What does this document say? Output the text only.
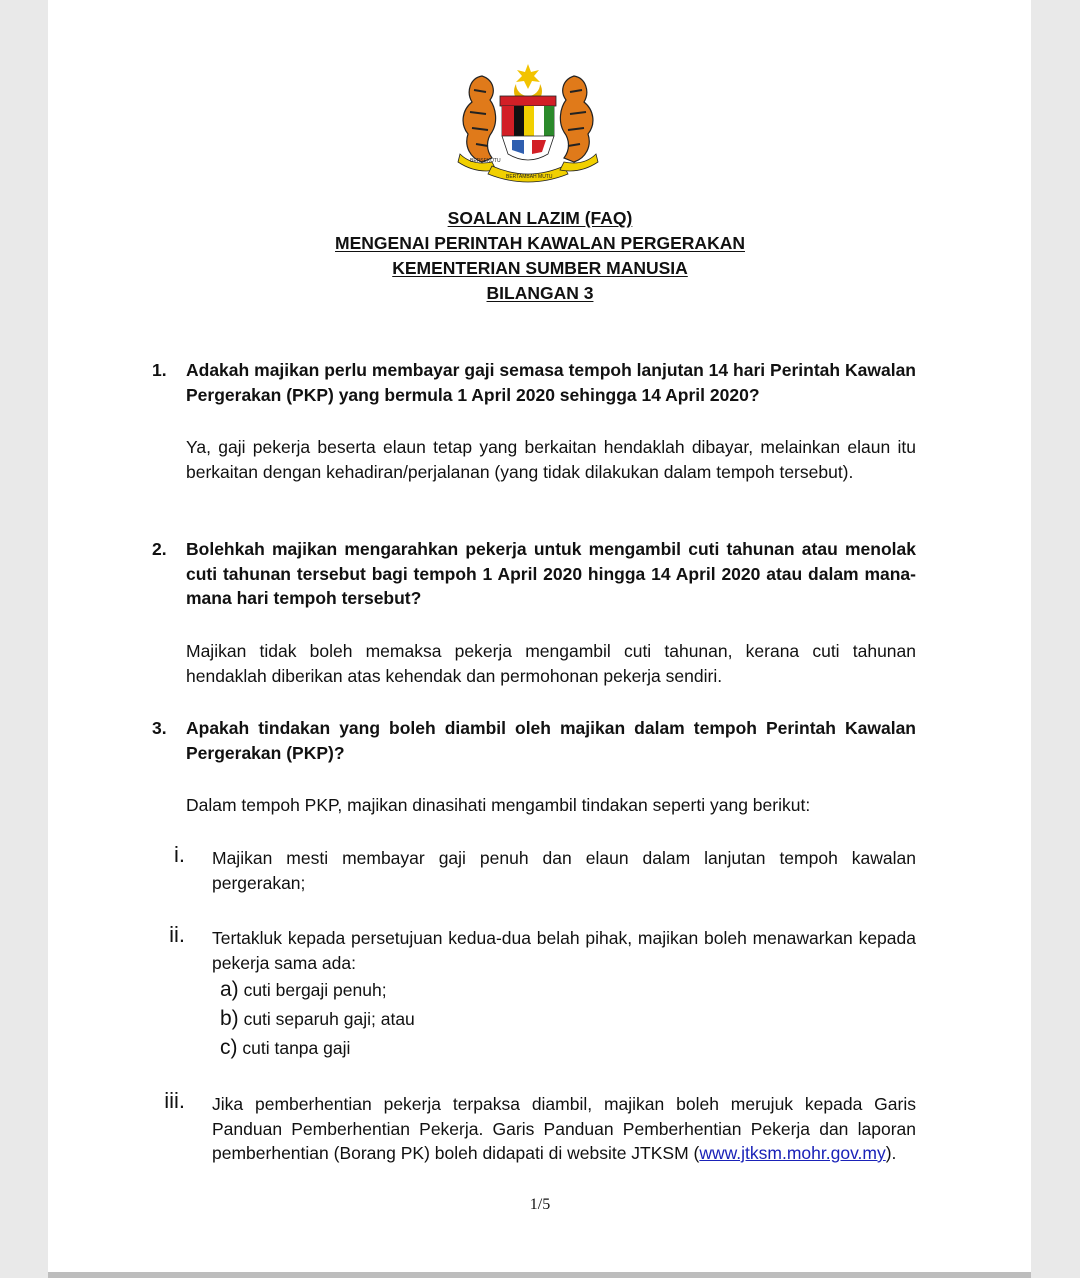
BERSEKUTU
BERTAMBAH MUTU
SOALAN LAZIM (FAQ)
MENGENAI PERINTAH KAWALAN PERGERAKAN
KEMENTERIAN SUMBER MANUSIA
BILANGAN 3
1. Adakah majikan perlu membayar gaji semasa tempoh lanjutan 14 hari Perintah Kawalan Pergerakan (PKP) yang bermula 1 April 2020 sehingga 14 April 2020?
Ya, gaji pekerja beserta elaun tetap yang berkaitan hendaklah dibayar, melainkan elaun itu berkaitan dengan kehadiran/perjalanan (yang tidak dilakukan dalam tempoh tersebut).
2. Bolehkah majikan mengarahkan pekerja untuk mengambil cuti tahunan atau menolak cuti tahunan tersebut bagi tempoh 1 April 2020 hingga 14 April 2020 atau dalam mana- mana hari tempoh tersebut?
Majikan tidak boleh memaksa pekerja mengambil cuti tahunan, kerana cuti tahunan hendaklah diberikan atas kehendak dan permohonan pekerja sendiri.
3. Apakah tindakan yang boleh diambil oleh majikan dalam tempoh Perintah Kawalan Pergerakan (PKP)?
Dalam tempoh PKP, majikan dinasihati mengambil tindakan seperti yang berikut:
i. Majikan mesti membayar gaji penuh dan elaun dalam lanjutan tempoh kawalan pergerakan;
ii. Tertakluk kepada persetujuan kedua-dua belah pihak, majikan boleh menawarkan kepada pekerja sama ada:
a) cuti bergaji penuh;
b) cuti separuh gaji; atau
c) cuti tanpa gaji
iii. Jika pemberhentian pekerja terpaksa diambil, majikan boleh merujuk kepada Garis Panduan Pemberhentian Pekerja. Garis Panduan Pemberhentian Pekerja dan laporan pemberhentian (Borang PK) boleh didapati di website JTKSM (www.jtksm.mohr.gov.my).
1/5
